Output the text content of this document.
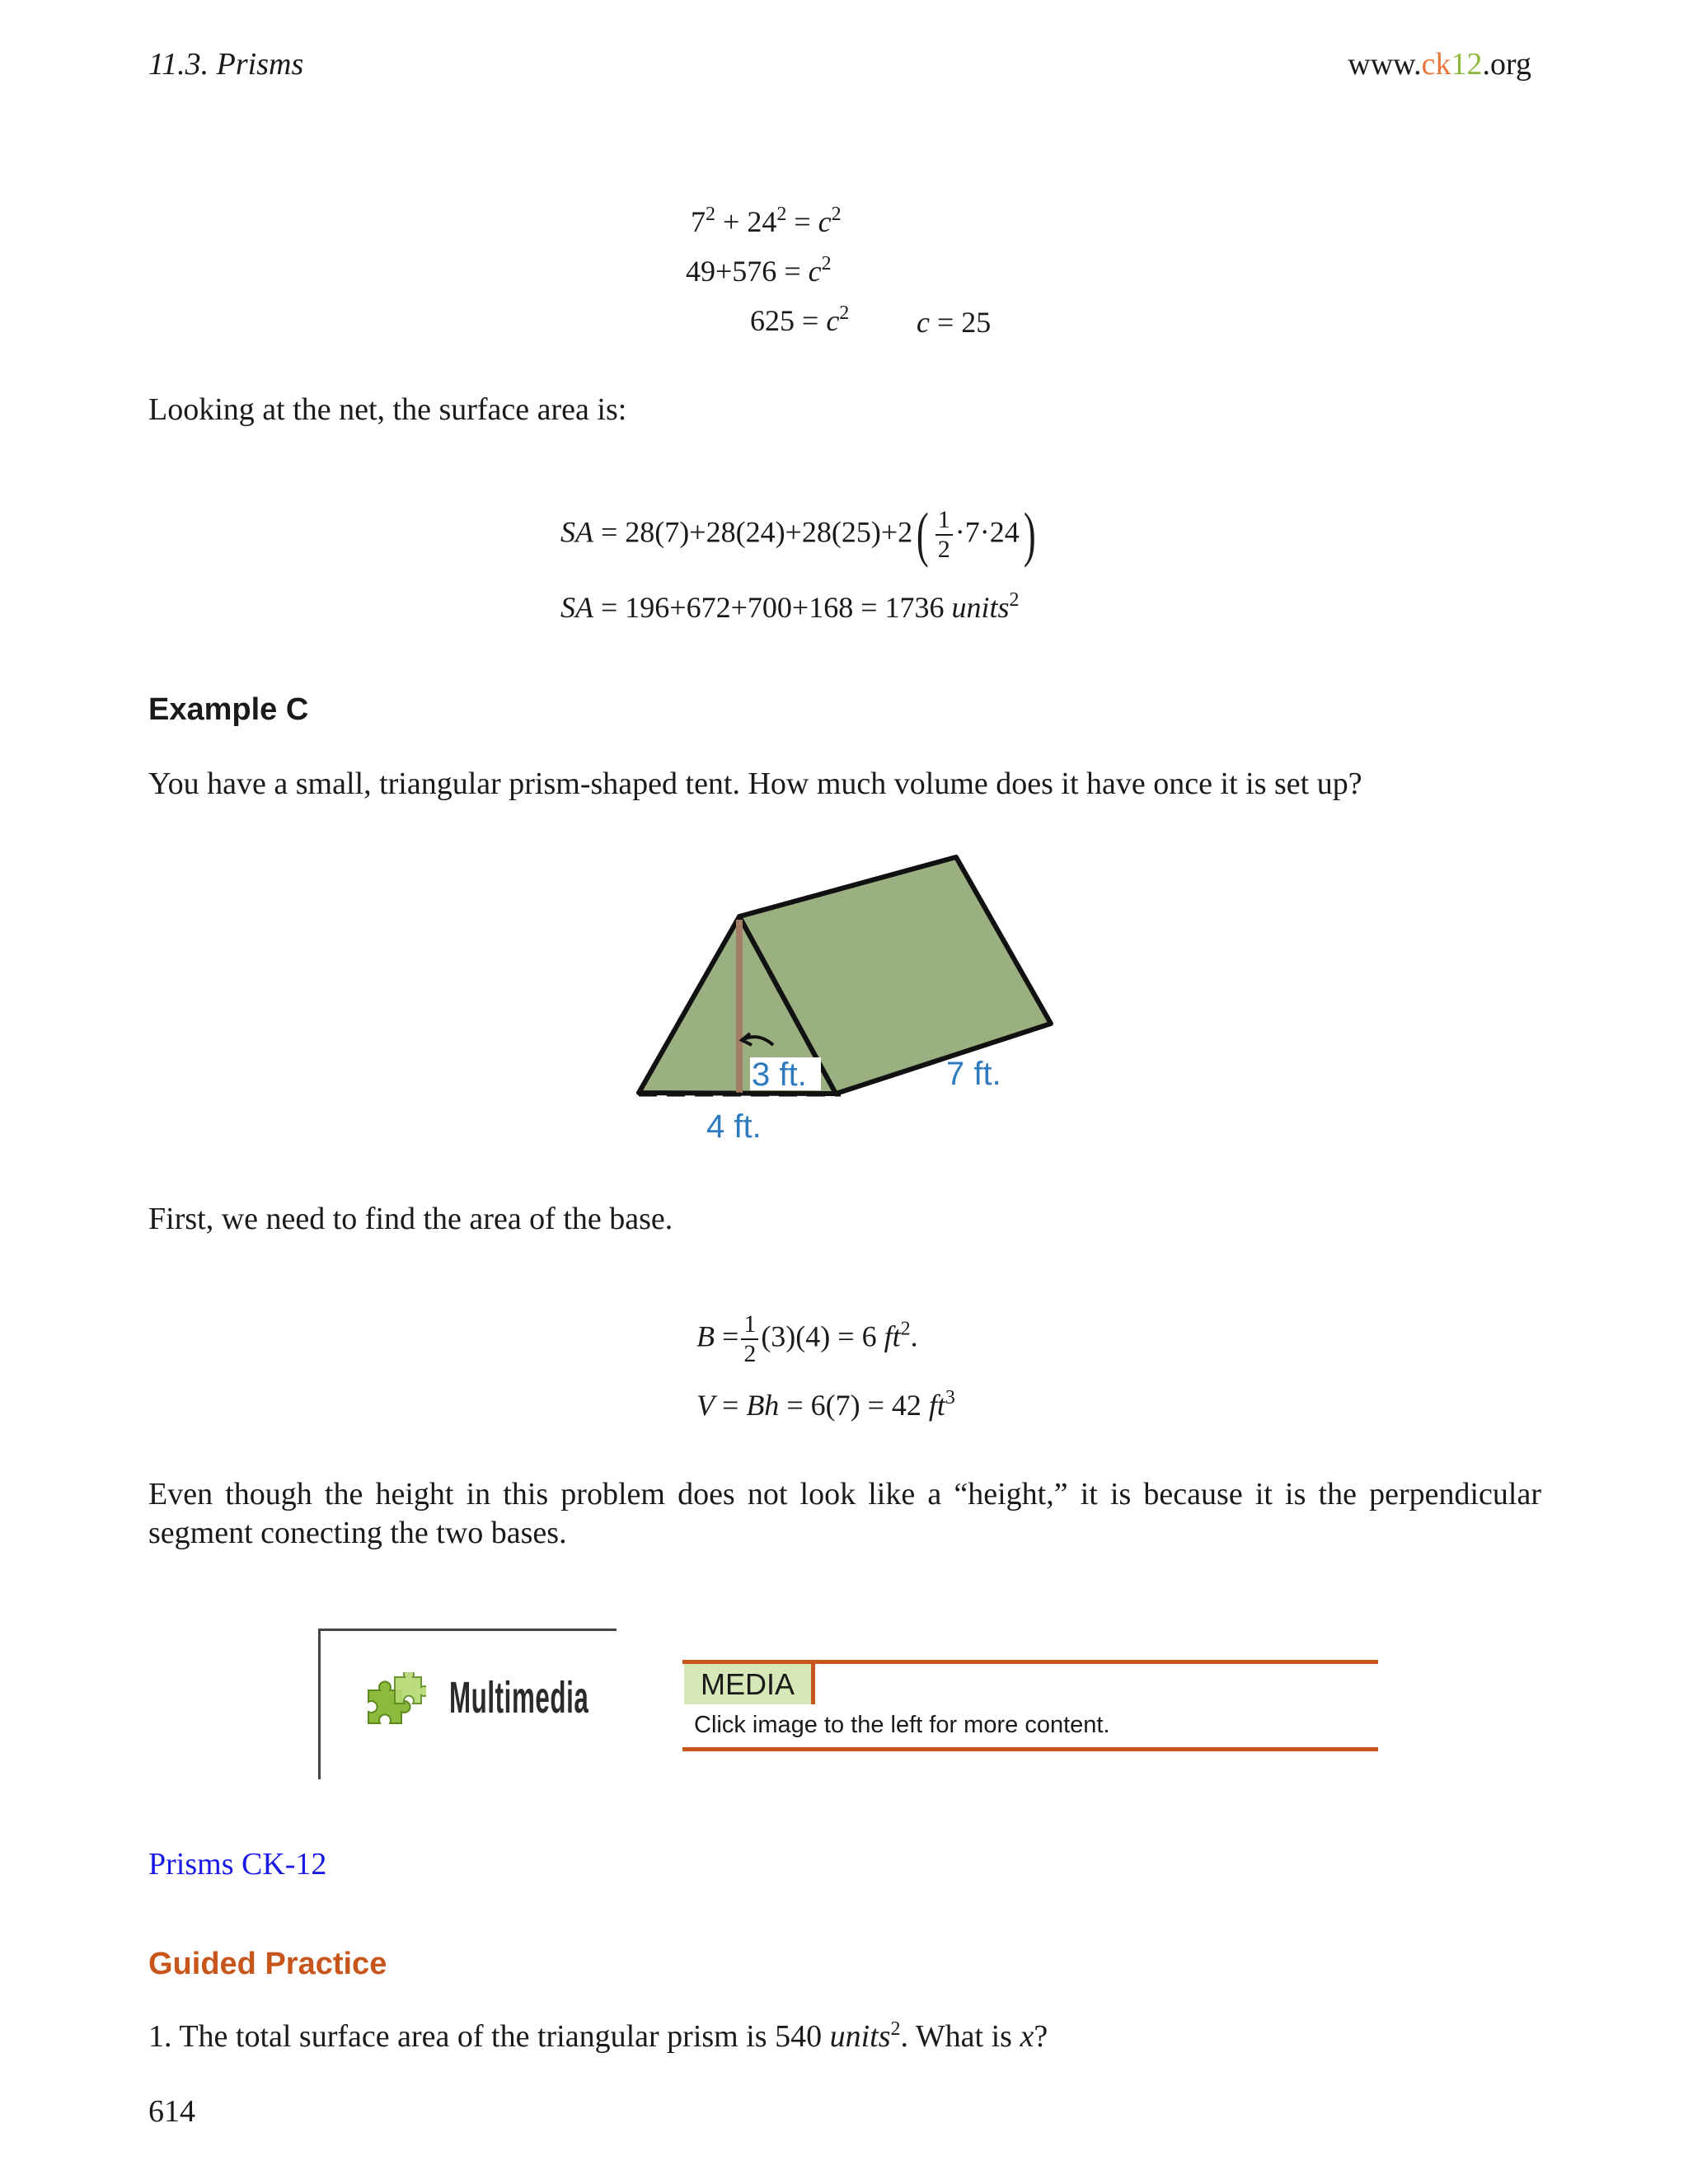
11.3. Prisms	www.ck12.org
$7^2 + 24^2 = c^2$
$49+576 = c^2$
$625 = c^2$ c = 25
Looking at the net, the surface area is:
SA = $28(7)+28(24)+28(25)+2( \frac{1}{2} \cdot 7\cdot 24)$
SA = 196+672+700+168 = 1736 units$^2$
Example C
You have a small, triangular prism-shaped tent. How much volume does it have once it is set up?
3 ft.
4 ft.
7 ft.
First, we need to find the area of the base.
$B = \frac{1}{2} (3)(4) = 6$ $ft^2$.
V = Bh = 6(7) = 42 $ft^3$
Even though the height in this problem does not look like a “height,” it is because it is the perpendicular segment conecting the two bases.
Multimedia	MEDIA
Click image to the left for more content.
Prisms CK-12
Guided Practice
1. The total surface area of the triangular prism is 540 units$^2$. What is x?
614
